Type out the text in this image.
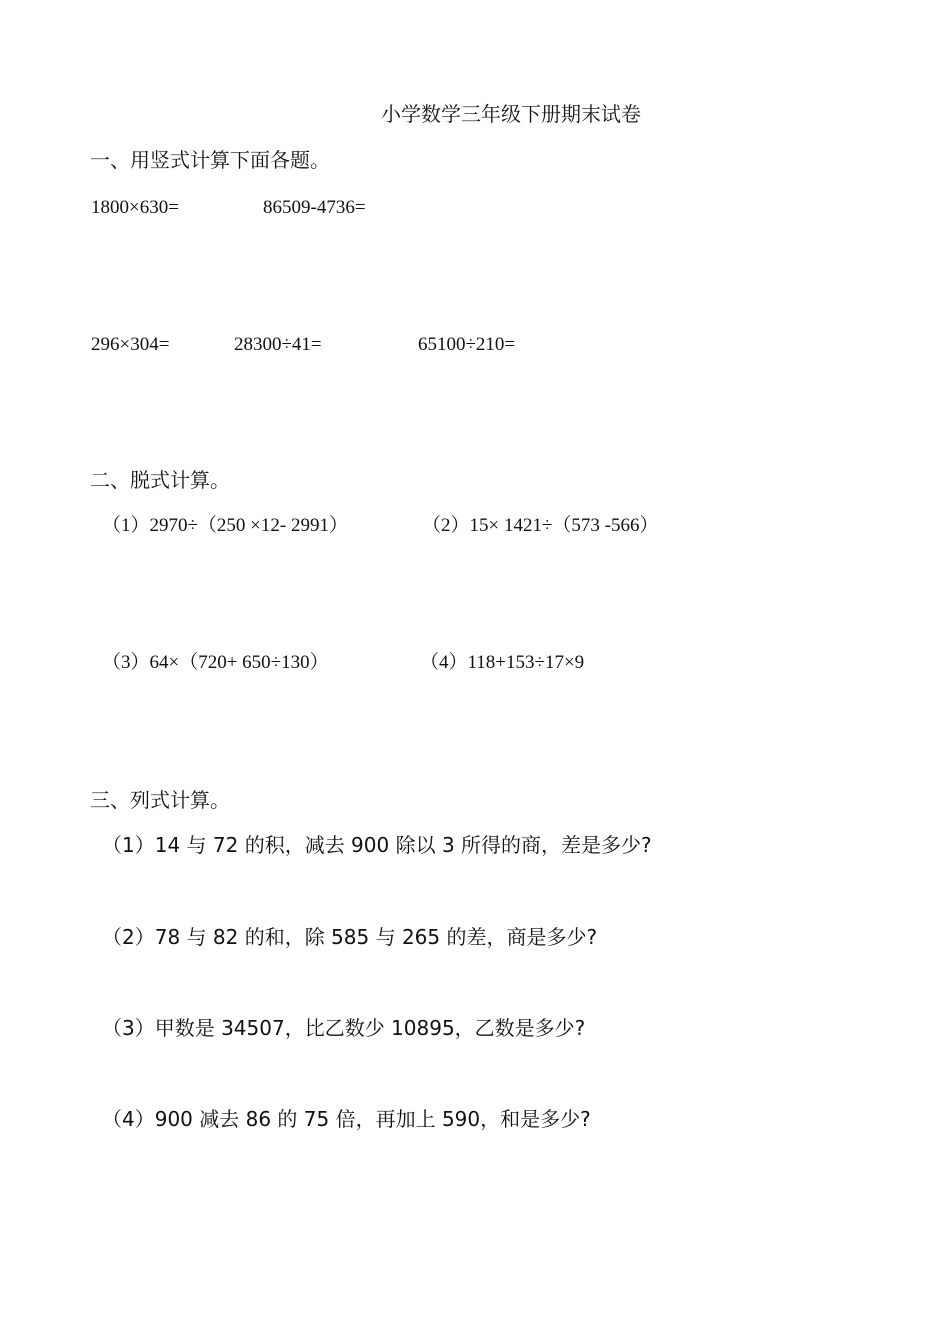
小学数学三年级下册期末试卷
一、用竖式计算下面各题。
1800×630=	86509-4736=
296×304=	28300÷41=	65100÷210=
二、脱式计算。
（1）2970÷（250 ×12- 2991）	（2）15× 1421÷（573 -566）
（3）64×（720+ 650÷130）	（4）118+153÷17×9
三、列式计算。
（1）14 与 72 的积，减去 900 除以 3 所得的商，差是多少?
（2）78 与 82 的和，除 585 与 265 的差，商是多少?
（3）甲数是 34507，比乙数少 10895，乙数是多少?
（4）900 减去 86 的 75 倍，再加上 590，和是多少?
